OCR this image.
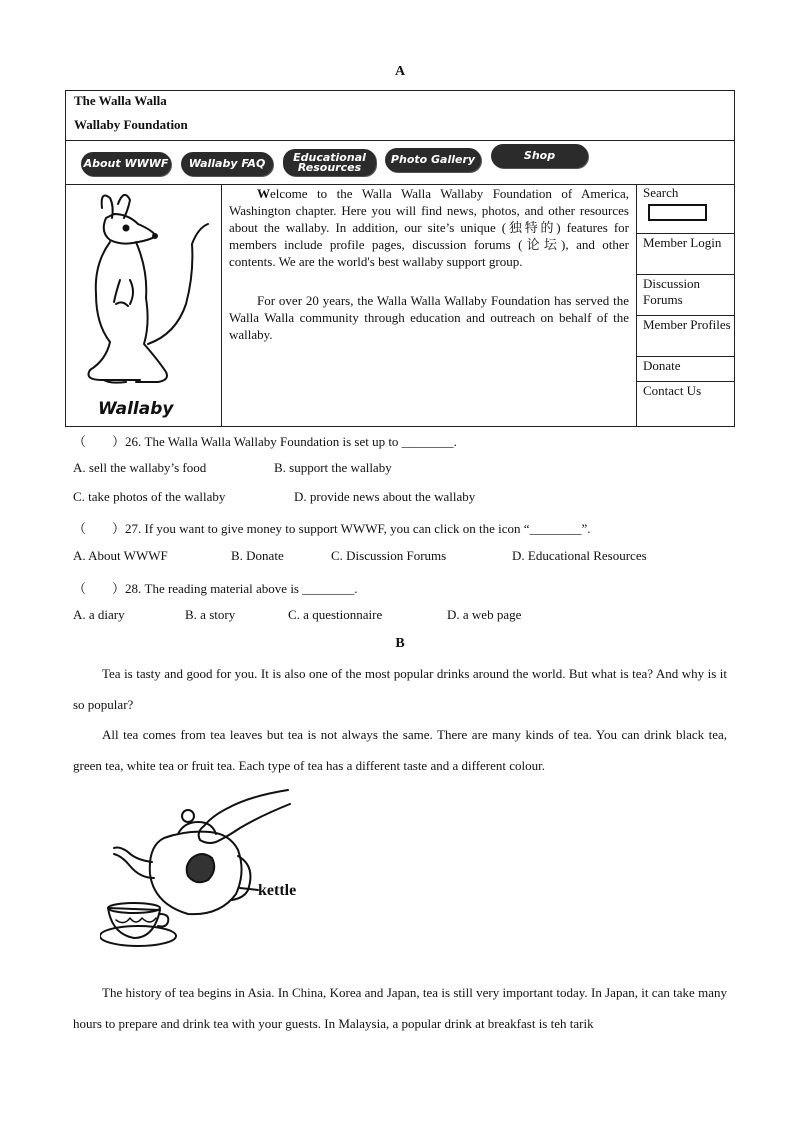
A
The Walla Walla
Wallaby Foundation
About WWWF Wallaby FAQ	Educational
Resources
Photo Gallery	Shop
Wallaby
Welcome to the Walla Walla Wallaby Foundation of America, Washington chapter. Here you will find news, photos, and other resources about the wallaby. In addition, our site’s unique (独特的) features for members include profile pages, discussion forums (论坛), and other contents. We are the world's best wallaby support group.
For over 20 years, the Walla Walla Wallaby Foundation has served the Walla Walla community through education and outreach on behalf of the wallaby.
Search
Member Login
Discussion Forums
Member Profiles
Donate
Contact Us
（　　）26. The Walla Walla Wallaby Foundation is set up to ________.
A. sell the wallaby’s food	B. support the wallaby
C. take photos of the wallaby	D. provide news about the wallaby
（　　）27. If you want to give money to support WWWF, you can click on the icon “________”.
A. About WWWF	B. Donate	C. Discussion Forums	D. Educational Resources
（　　）28. The reading material above is ________.
A. a diary	B. a story	C. a questionnaire	D. a web page
B
Tea is tasty and good for you. It is also one of the most popular drinks around the world. But what is tea? And why is it so popular?
All tea comes from tea leaves but tea is not always the same. There are many kinds of tea. You can drink black tea, green tea, white tea or fruit tea. Each type of tea has a different taste and a different colour.
kettle
The history of tea begins in Asia. In China, Korea and Japan, tea is still very important today. In Japan, it can take many hours to prepare and drink tea with your guests. In Malaysia, a popular drink at breakfast is teh tarik
